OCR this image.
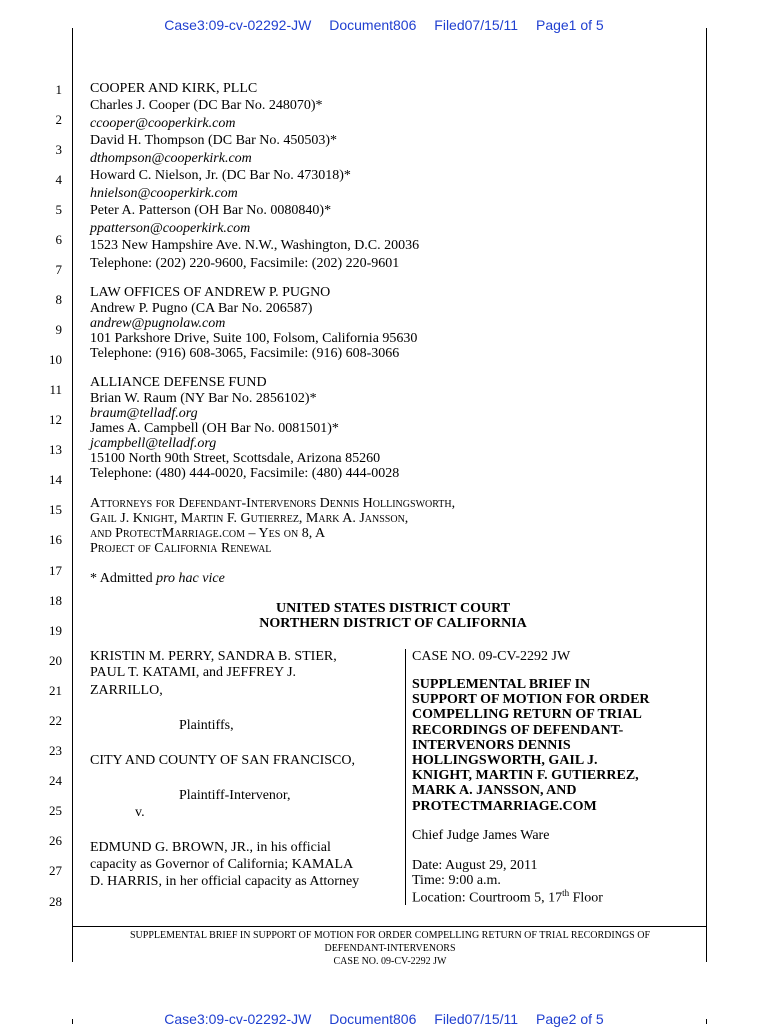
Case3:09-cv-02292-JW Document806 Filed07/15/11 Page1 of 5
1
2
3
4
5
6
7
8
9
10
11
12
13
14
15
16
17
18
19
20
21
22
23
24
25
26
27
28
COOPER AND KIRK, PLLC
Charles J. Cooper (DC Bar No. 248070)*
ccooper@cooperkirk.com
David H. Thompson (DC Bar No. 450503)*
dthompson@cooperkirk.com
Howard C. Nielson, Jr. (DC Bar No. 473018)*
hnielson@cooperkirk.com
Peter A. Patterson (OH Bar No. 0080840)*
ppatterson@cooperkirk.com
1523 New Hampshire Ave. N.W., Washington, D.C. 20036
Telephone: (202) 220-9600, Facsimile: (202) 220-9601
LAW OFFICES OF ANDREW P. PUGNO
Andrew P. Pugno (CA Bar No. 206587)
andrew@pugnolaw.com
101 Parkshore Drive, Suite 100, Folsom, California 95630
Telephone: (916) 608-3065, Facsimile: (916) 608-3066
ALLIANCE DEFENSE FUND
Brian W. Raum (NY Bar No. 2856102)*
braum@telladf.org
James A. Campbell (OH Bar No. 0081501)*
jcampbell@telladf.org
15100 North 90th Street, Scottsdale, Arizona 85260
Telephone: (480) 444-0020, Facsimile: (480) 444-0028
Attorneys for Defendant-Intervenors Dennis Hollingsworth,
Gail J. Knight, Martin F. Gutierrez, Mark A. Jansson,
and ProtectMarriage.com – Yes on 8, A
Project of California Renewal
* Admitted pro hac vice
UNITED STATES DISTRICT COURT
NORTHERN DISTRICT OF CALIFORNIA
KRISTIN M. PERRY, SANDRA B. STIER,
PAUL T. KATAMI, and JEFFREY J.
ZARRILLO,
Plaintiffs,
CITY AND COUNTY OF SAN FRANCISCO,
Plaintiff-Intervenor,
v.
EDMUND G. BROWN, JR., in his official
capacity as Governor of California; KAMALA
D. HARRIS, in her official capacity as Attorney
CASE NO. 09-CV-2292 JW
SUPPLEMENTAL BRIEF IN
SUPPORT OF MOTION FOR ORDER
COMPELLING RETURN OF TRIAL
RECORDINGS OF DEFENDANT-
INTERVENORS DENNIS
HOLLINGSWORTH, GAIL J.
KNIGHT, MARTIN F. GUTIERREZ,
MARK A. JANSSON, AND
PROTECTMARRIAGE.COM
Chief Judge James Ware
Date: August 29, 2011
Time: 9:00 a.m.
Location: Courtroom 5, 17th Floor
SUPPLEMENTAL BRIEF IN SUPPORT OF MOTION FOR ORDER COMPELLING RETURN OF TRIAL RECORDINGS OF
DEFENDANT-INTERVENORS
CASE NO. 09-CV-2292 JW
Case3:09-cv-02292-JW Document806 Filed07/15/11 Page2 of 5
